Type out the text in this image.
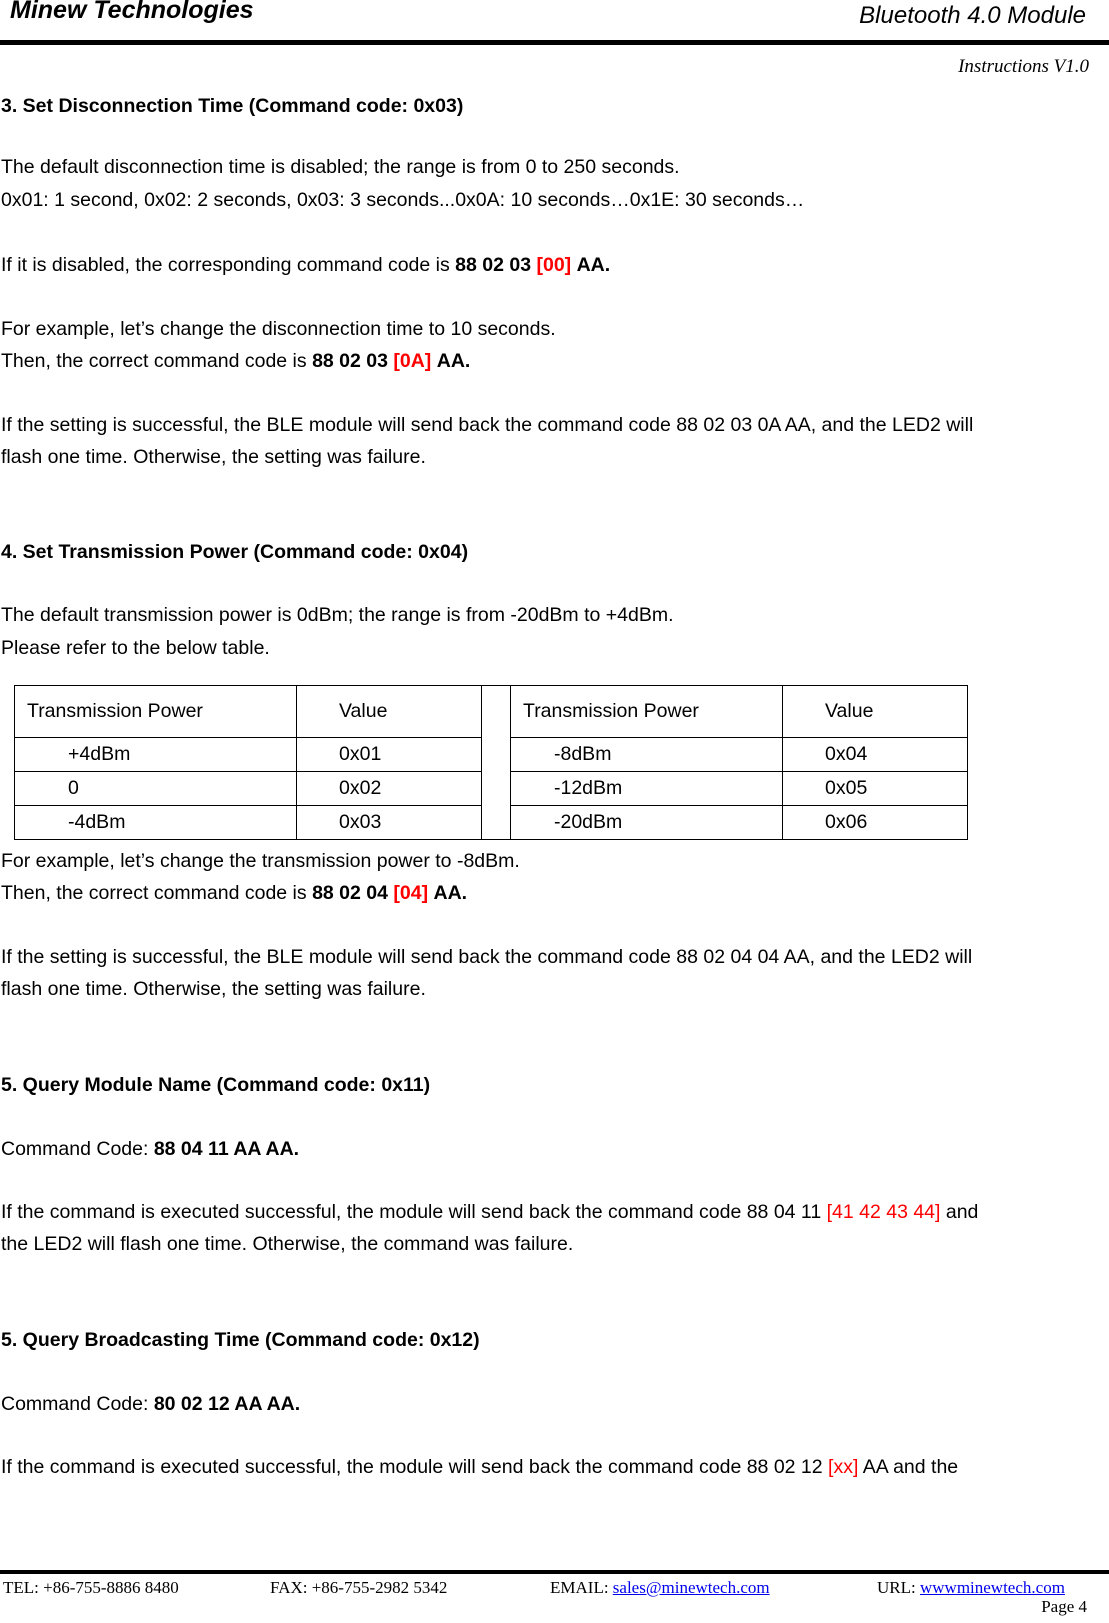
Minew Technologies	Bluetooth 4.0 Module
Instructions V1.0
3. Set Disconnection Time (Command code: 0x03)
The default disconnection time is disabled; the range is from 0 to 250 seconds.
0x01: 1 second, 0x02: 2 seconds, 0x03: 3 seconds...0x0A: 10 seconds…0x1E: 30 seconds…
If it is disabled, the corresponding command code is 88 02 03 [00] AA.
For example, let’s change the disconnection time to 10 seconds.
Then, the correct command code is 88 02 03 [0A] AA.
If the setting is successful, the BLE module will send back the command code 88 02 03 0A AA, and the LED2 will
flash one time. Otherwise, the setting was failure.
4. Set Transmission Power (Command code: 0x04)
The default transmission power is 0dBm; the range is from -20dBm to +4dBm.
Please refer to the below table.
Transmission Power	Value		Transmission Power	Value
+4dBm	0x01		-8dBm	0x04
0	0x02		-12dBm	0x05
-4dBm	0x03		-20dBm	0x06
For example, let’s change the transmission power to -8dBm.
Then, the correct command code is 88 02 04 [04] AA.
If the setting is successful, the BLE module will send back the command code 88 02 04 04 AA, and the LED2 will
flash one time. Otherwise, the setting was failure.
5. Query Module Name (Command code: 0x11)
Command Code: 88 04 11 AA AA.
If the command is executed successful, the module will send back the command code 88 04 11 [41 42 43 44] and
the LED2 will flash one time. Otherwise, the command was failure.
5. Query Broadcasting Time (Command code: 0x12)
Command Code: 80 02 12 AA AA.
If the command is executed successful, the module will send back the command code 88 02 12 [xx] AA and the
TEL: +86-755-8886 8480	FAX: +86-755-2982 5342	EMAIL: sales@minewtech.com	URL: wwwminewtech.com
Page 4
